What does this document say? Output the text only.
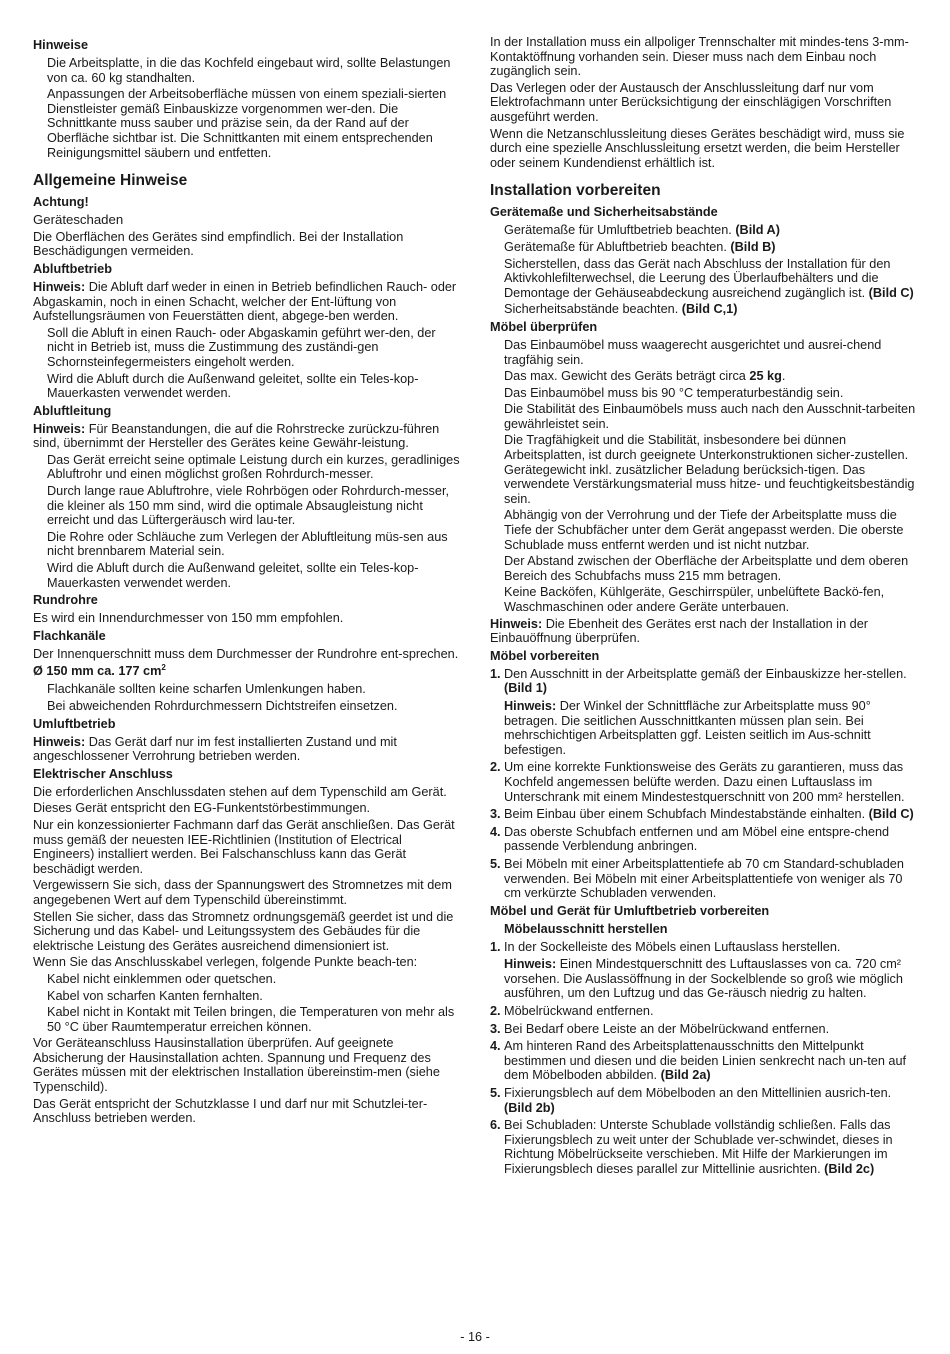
Hinweise

Die Arbeitsplatte, in die das Kochfeld eingebaut wird, sollte Belastungen von ca. 60 kg standhalten.

Anpassungen der Arbeitsoberfläche müssen von einem speziali-sierten Dienstleister gemäß Einbauskizze vorgenommen wer-den. Die Schnittkante muss sauber und präzise sein, da der Rand auf der Oberfläche sichtbar ist. Die Schnittkanten mit einem entsprechenden Reinigungsmittel säubern und entfetten.

Allgemeine Hinweise
Achtung!

Geräteschaden

Die Oberflächen des Gerätes sind empfindlich. Bei der Installation Beschädigungen vermeiden.

Abluftbetrieb

Hinweis: Die Abluft darf weder in einen in Betrieb befindlichen Rauch- oder Abgaskamin, noch in einen Schacht, welcher der Ent-lüftung von Aufstellungsräumen von Feuerstätten dient, abgege-ben werden.

Soll die Abluft in einen Rauch- oder Abgaskamin geführt wer-den, der nicht in Betrieb ist, muss die Zustimmung des zuständi-gen Schornsteinfegermeisters eingeholt werden.

Wird die Abluft durch die Außenwand geleitet, sollte ein Teles-kop-Mauerkasten verwendet werden.

Abluftleitung

Hinweis: Für Beanstandungen, die auf die Rohrstrecke zurückzu-führen sind, übernimmt der Hersteller des Gerätes keine Gewähr-leistung.

Das Gerät erreicht seine optimale Leistung durch ein kurzes, geradliniges Abluftrohr und einen möglichst großen Rohrdurch-messer.

Durch lange raue Abluftrohre, viele Rohrbögen oder Rohrdurch-messer, die kleiner als 150 mm sind, wird die optimale Absaugleistung nicht erreicht und das Lüftergeräusch wird lau-ter.

Die Rohre oder Schläuche zum Verlegen der Abluftleitung müs-sen aus nicht brennbarem Material sein.

Wird die Abluft durch die Außenwand geleitet, sollte ein Teles-kop-Mauerkasten verwendet werden.

Rundrohre

Es wird ein Innendurchmesser von 150 mm empfohlen.

Flachkanäle

Der Innenquerschnitt muss dem Durchmesser der Rundrohre ent-sprechen.

Ø 150 mm ca. 177 $cm^2$

Flachkanäle sollten keine scharfen Umlenkungen haben.

Bei abweichenden Rohrdurchmessern Dichtstreifen einsetzen.

Umluftbetrieb

Hinweis: Das Gerät darf nur im fest installierten Zustand und mit angeschlossener Verrohrung betrieben werden.

Elektrischer Anschluss

Die erforderlichen Anschlussdaten stehen auf dem Typenschild am Gerät.

Dieses Gerät entspricht den EG-Funkentstörbestimmungen.

Nur ein konzessionierter Fachmann darf das Gerät anschließen. Das Gerät muss gemäß der neuesten IEE-Richtlinien (Institution of Electrical Engineers) installiert werden. Bei Falschanschluss kann das Gerät beschädigt werden.

Vergewissern Sie sich, dass der Spannungswert des Stromnetzes mit dem angegebenen Wert auf dem Typenschild übereinstimmt.

Stellen Sie sicher, dass das Stromnetz ordnungsgemäß geerdet ist und die Sicherung und das Kabel- und Leitungssystem des Gebäudes für die elektrische Leistung des Gerätes ausreichend dimensioniert ist.

Wenn Sie das Anschlusskabel verlegen, folgende Punkte beach-ten:

Kabel nicht einklemmen oder quetschen.

Kabel von scharfen Kanten fernhalten.

Kabel nicht in Kontakt mit Teilen bringen, die Temperaturen von mehr als 50 °C über Raumtemperatur erreichen können.

Vor Geräteanschluss Hausinstallation überprüfen. Auf geeignete Absicherung der Hausinstallation achten. Spannung und Frequenz des Gerätes müssen mit der elektrischen Installation übereinstim-men (siehe Typenschild).

Das Gerät entspricht der Schutzklasse I und darf nur mit Schutzlei-ter-Anschluss betrieben werden.

In der Installation muss ein allpoliger Trennschalter mit mindes-tens 3-mm-Kontaktöffnung vorhanden sein. Dieser muss nach dem Einbau noch zugänglich sein.

Das Verlegen oder der Austausch der Anschlussleitung darf nur vom Elektrofachmann unter Berücksichtigung der einschlägigen Vorschriften ausgeführt werden.

Wenn die Netzanschlussleitung dieses Gerätes beschädigt wird, muss sie durch eine spezielle Anschlussleitung ersetzt werden, die beim Hersteller oder seinem Kundendienst erhältlich ist.

Installation vorbereiten
Gerätemaße und Sicherheitsabstände

Gerätemaße für Umluftbetrieb beachten. (Bild A)

Gerätemaße für Abluftbetrieb beachten. (Bild B)

Sicherstellen, dass das Gerät nach Abschluss der Installation für den Aktivkohlefilterwechsel, die Leerung des Überlaufbehälters und die Demontage der Gehäuseabdeckung ausreichend zugänglich ist. (Bild C)

Sicherheitsabstände beachten. (Bild C,1)

Möbel überprüfen

Das Einbaumöbel muss waagerecht ausgerichtet und ausrei-chend tragfähig sein.

Das max. Gewicht des Geräts beträgt circa 25 kg.

Das Einbaumöbel muss bis 90 °C temperaturbeständig sein.

Die Stabilität des Einbaumöbels muss auch nach den Ausschnit-tarbeiten gewährleistet sein.

Die Tragfähigkeit und die Stabilität, insbesondere bei dünnen Arbeitsplatten, ist durch geeignete Unterkonstruktionen sicher-zustellen. Gerätegewicht inkl. zusätzlicher Beladung berücksich-tigen. Das verwendete Verstärkungsmaterial muss hitze- und feuchtigkeitsbeständig sein.

Abhängig von der Verrohrung und der Tiefe der Arbeitsplatte muss die Tiefe der Schubfächer unter dem Gerät angepasst werden. Die oberste Schublade muss entfernt werden und ist nicht nutzbar.

Der Abstand zwischen der Oberfläche der Arbeitsplatte und dem oberen Bereich des Schubfachs muss 215 mm betragen.

Keine Backöfen, Kühlgeräte, Geschirrspüler, unbelüftete Backö-fen, Waschmaschinen oder andere Geräte unterbauen.

Hinweis: Die Ebenheit des Gerätes erst nach der Installation in der Einbauöffnung überprüfen.

Möbel vorbereiten
1. Den Ausschnitt in der Arbeitsplatte gemäß der Einbauskizze her-stellen. (Bild 1)

Hinweis: Der Winkel der Schnittfläche zur Arbeitsplatte muss 90° betragen. Die seitlichen Ausschnittkanten müssen plan sein. Bei mehrschichtigen Arbeitsplatten ggf. Leisten seitlich im Aus-schnitt befestigen.

2. Um eine korrekte Funktionsweise des Geräts zu garantieren, muss das Kochfeld angemessen belüfte werden. Dazu einen Luftauslass im Unterschrank mit einem Mindestestquerschnitt von 200 mm² herstellen.

3. Beim Einbau über einem Schubfach Mindestabstände einhalten. (Bild C)

4. Das oberste Schubfach entfernen und am Möbel eine entspre-chend passende Verblendung anbringen.

5. Bei Möbeln mit einer Arbeitsplattentiefe ab 70 cm Standard-schubladen verwenden. Bei Möbeln mit einer Arbeitsplattentiefe von weniger als 70 cm verkürzte Schubladen verwenden.

Möbel und Gerät für Umluftbetrieb vorbereiten
Möbelausschnitt herstellen
1. In der Sockelleiste des Möbels einen Luftauslass herstellen.

Hinweis: Einen Mindestquerschnitt des Luftauslasses von ca. 720 cm² vorsehen. Die Auslassöffnung in der Sockelblende so groß wie möglich ausführen, um den Luftzug und das Ge-räusch niedrig zu halten.

2. Möbelrückwand entfernen.

3. Bei Bedarf obere Leiste an der Möbelrückwand entfernen.

4. Am hinteren Rand des Arbeitsplattenausschnitts den Mittelpunkt bestimmen und diesen und die beiden Linien senkrecht nach un-ten auf dem Möbelboden abbilden. (Bild 2a)

5. Fixierungsblech auf dem Möbelboden an den Mittellinien ausrich-ten. (Bild 2b)

6. Bei Schubladen: Unterste Schublade vollständig schließen. Falls das Fixierungsblech zu weit unter der Schublade ver-schwindet, dieses in Richtung Möbelrückseite verschieben. Mit Hilfe der Markierungen im Fixierungsblech dieses parallel zur Mittellinie ausrichten. (Bild 2c)

- 16 -
